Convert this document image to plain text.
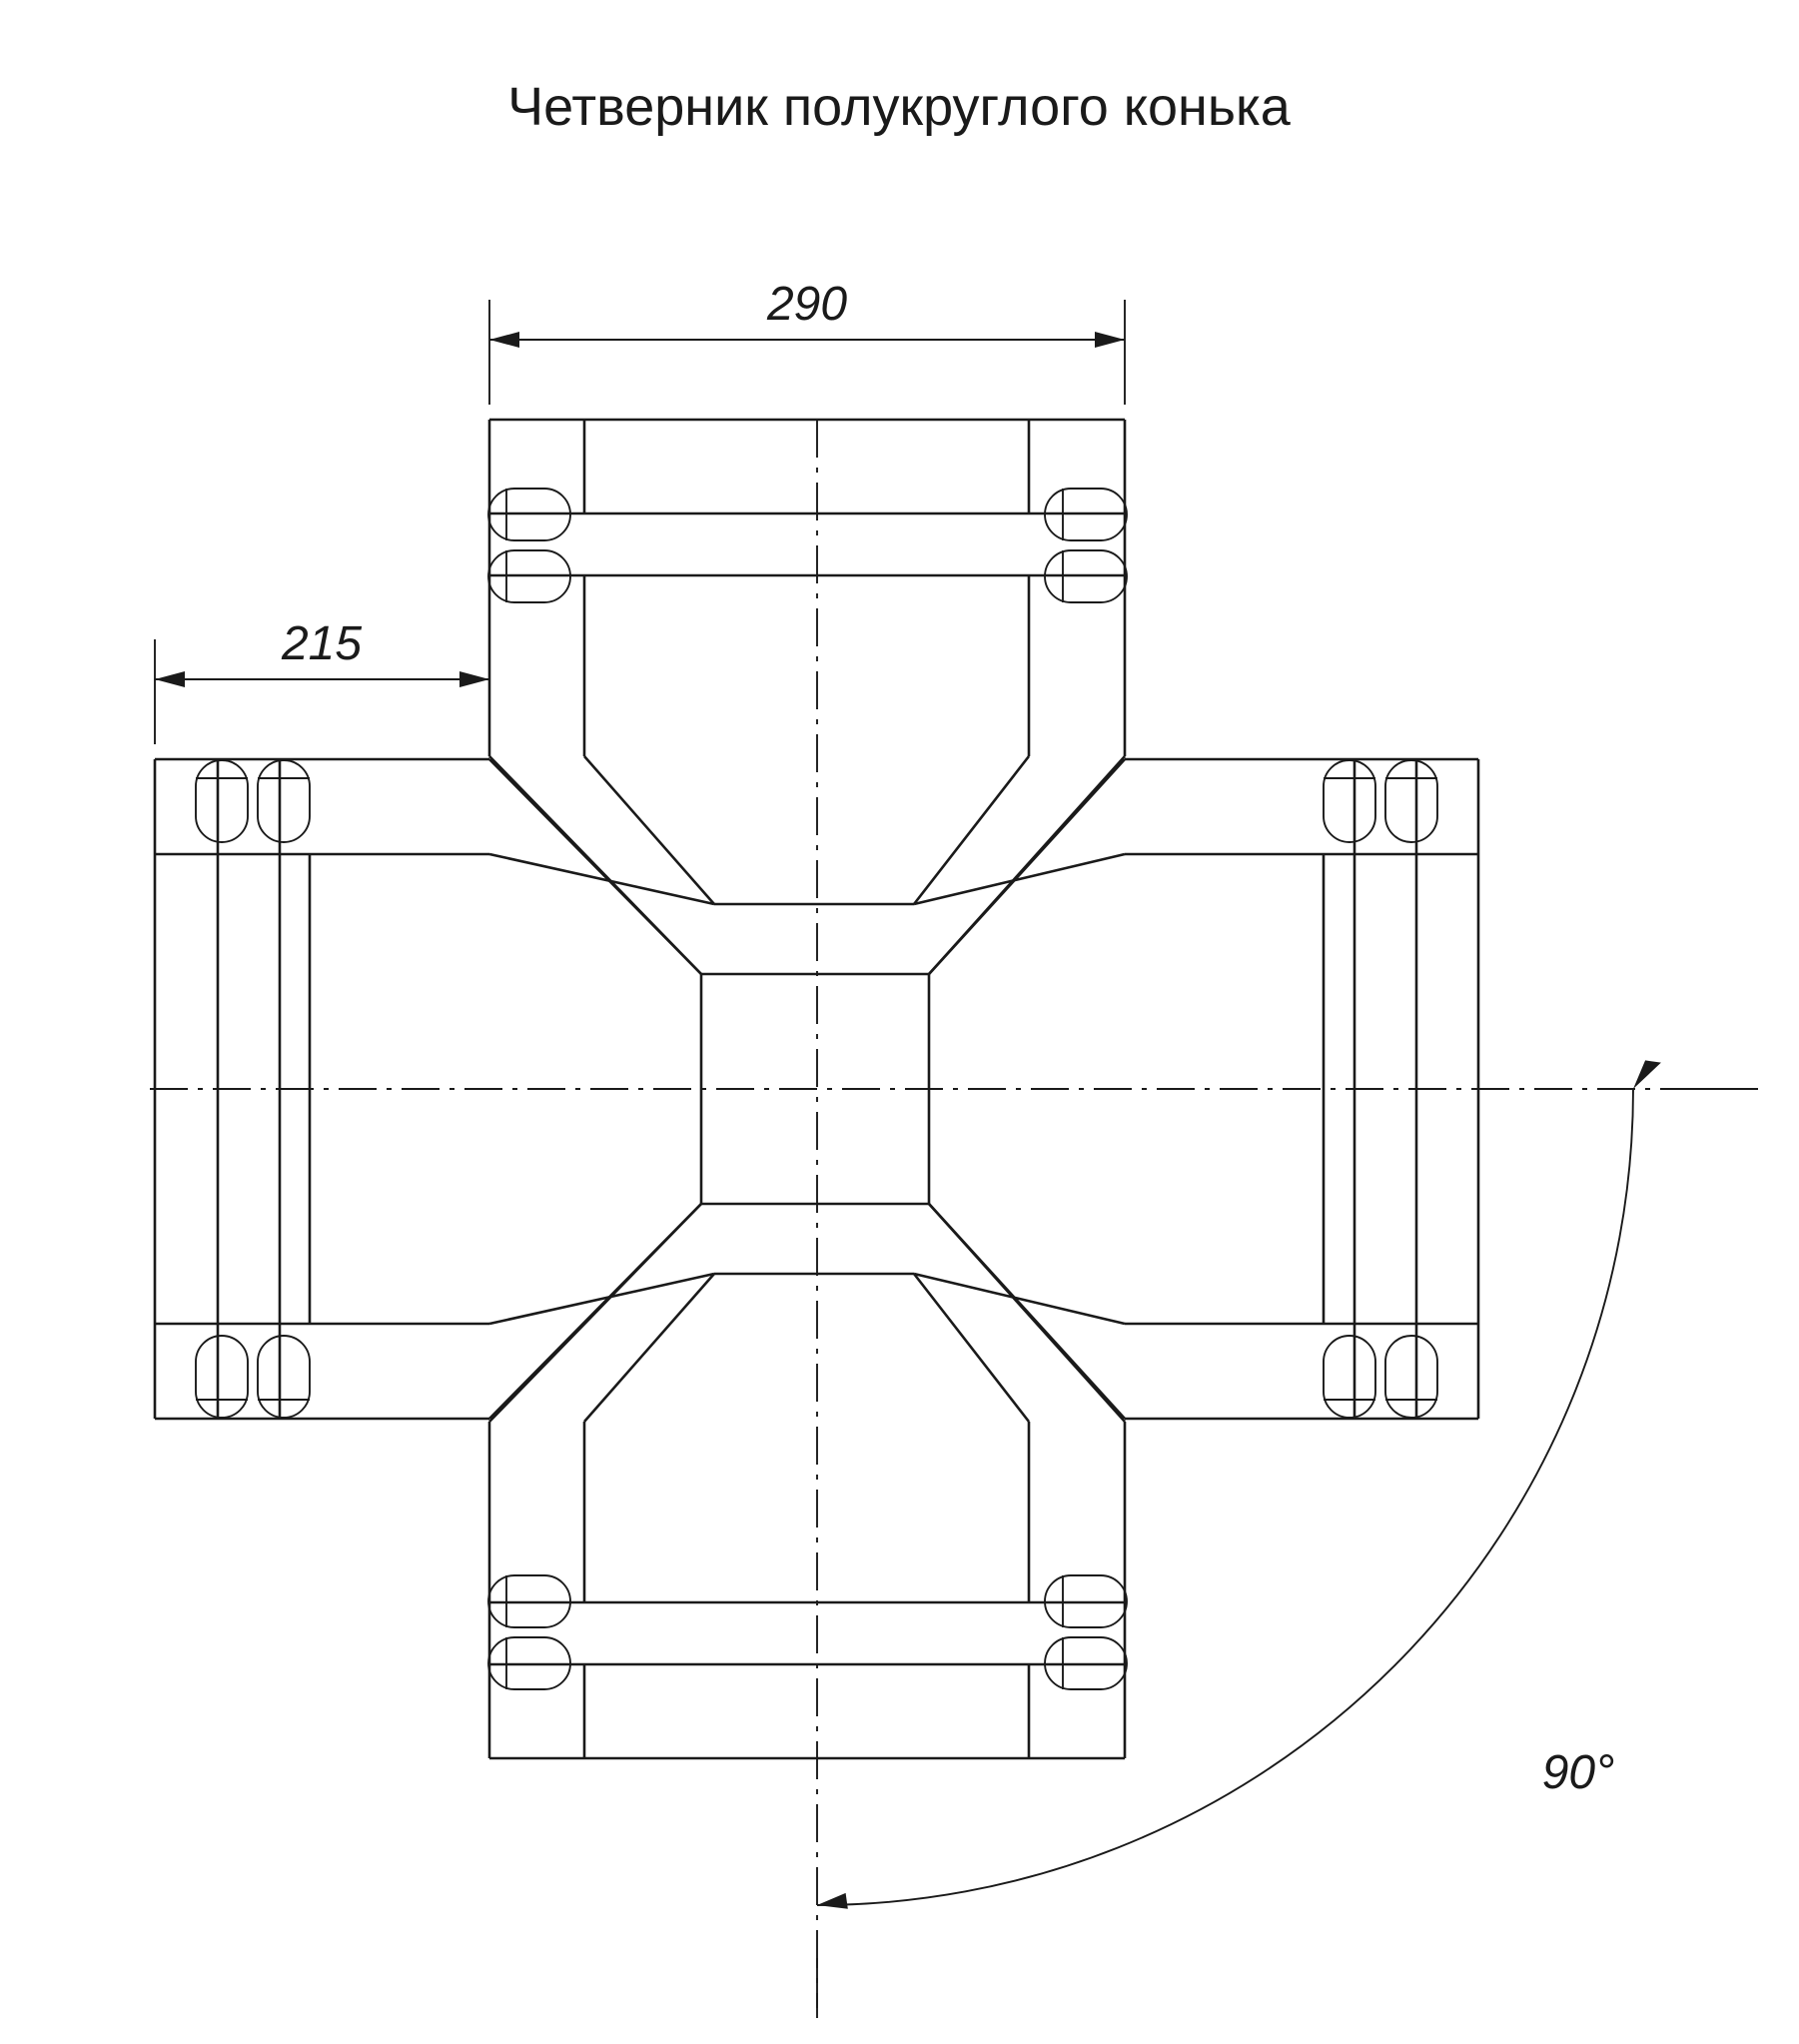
Четверник полукруглого конька
290
215
90°
